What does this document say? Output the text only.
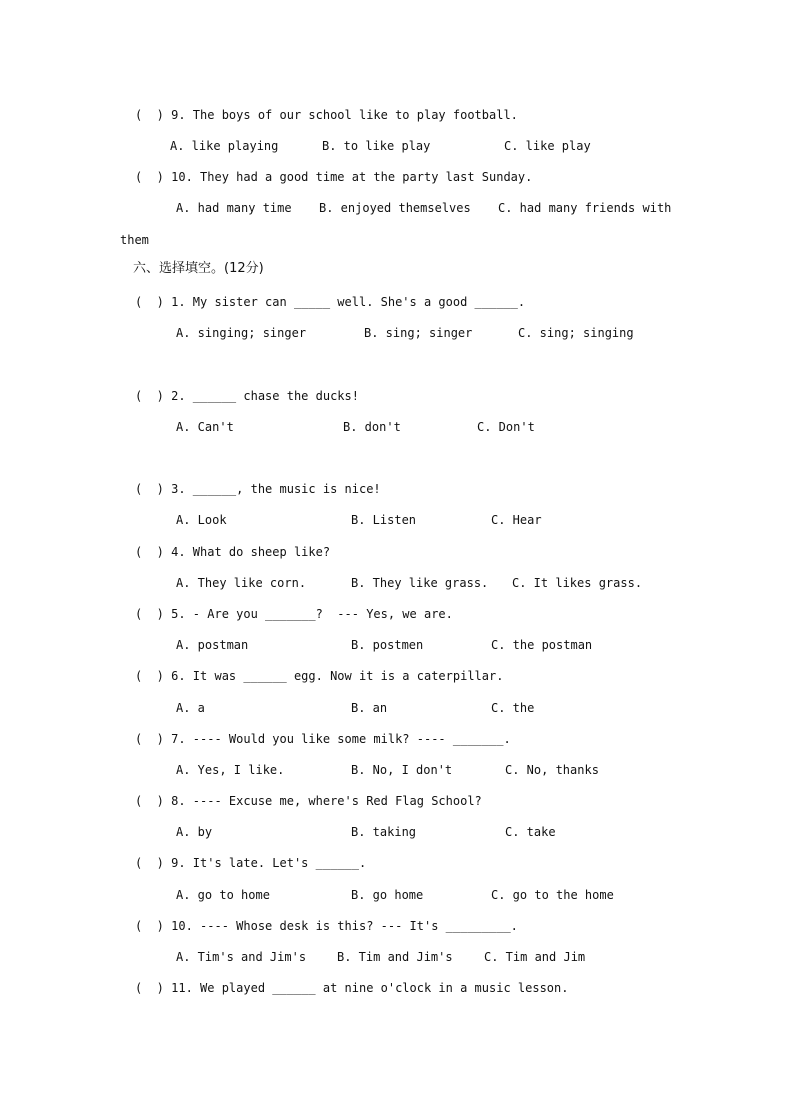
(  ) 9. The boys of our school like to play football.
A. like playing	B. to like play	C. like play
(  ) 10. They had a good time at the party last Sunday.
A. had many time B. enjoyed themselves C. had many friends with
them
六、选择填空。(12分)
(  ) 1. My sister can _____ well. She's a good ______.
A. singing; singer	B. sing; singer	C. sing; singing
(  ) 2. ______ chase the ducks!
A. Can't	B. don't	C. Don't
(  ) 3. ______, the music is nice!
A. Look	B. Listen	C. Hear
(  ) 4. What do sheep like?
A. They like corn.	B. They like grass. C. It likes grass.
(  ) 5. - Are you _______?  --- Yes, we are.
A. postman	B. postmen	C. the postman
(  ) 6. It was ______ egg. Now it is a caterpillar.
A. a	B. an	C. the
(  ) 7. ---- Would you like some milk? ---- _______.
A. Yes, I like.	B. No, I don't	C. No, thanks
(  ) 8. ---- Excuse me, where's Red Flag School?
A. by	B. taking	C. take
(  ) 9. It's late. Let's ______.
A. go to home	B. go home	C. go to the home
(  ) 10. ---- Whose desk is this? --- It's _________.
A. Tim's and Jim's	B. Tim and Jim's	C. Tim and Jim
(  ) 11. We played ______ at nine o'clock in a music lesson.
